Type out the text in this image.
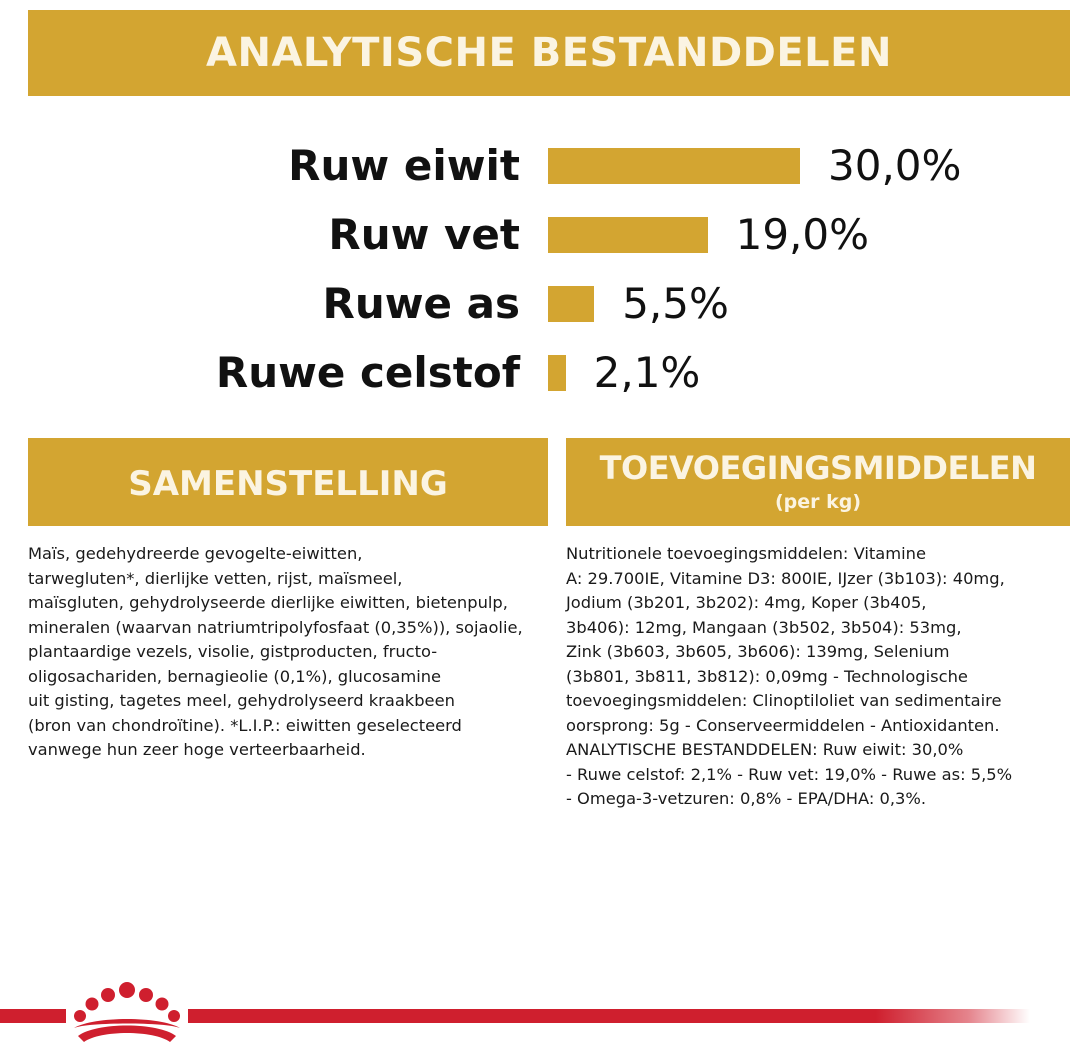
ANALYTISCHE BESTANDDELEN
Ruw eiwit	30,0%
Ruw vet	19,0%
Ruwe as 5,5%
Ruwe celstof 2,1%
SAMENSTELLING
Maïs, gedehydreerde gevogelte-eiwitten,
tarwegluten*, dierlijke vetten, rijst, maïsmeel,
maïsgluten, gehydrolyseerde dierlijke eiwitten, bietenpulp,
mineralen (waarvan natriumtripolyfosfaat (0,35%)), sojaolie,
plantaardige vezels, visolie, gistproducten, fructo-
oligosachariden, bernagieolie (0,1%), glucosamine
uit gisting, tagetes meel, gehydrolyseerd kraakbeen
(bron van chondroïtine). *L.I.P.: eiwitten geselecteerd
vanwege hun zeer hoge verteerbaarheid.
TOEVOEGINGSMIDDELEN
(per kg)
Nutritionele toevoegingsmiddelen: Vitamine
A: 29.700IE, Vitamine D3: 800IE, IJzer (3b103): 40mg,
Jodium (3b201, 3b202): 4mg, Koper (3b405,
3b406): 12mg, Mangaan (3b502, 3b504): 53mg,
Zink (3b603, 3b605, 3b606): 139mg, Selenium
(3b801, 3b811, 3b812): 0,09mg - Technologische
toevoegingsmiddelen: Clinoptiloliet van sedimentaire
oorsprong: 5g - Conserveermiddelen - Antioxidanten.
ANALYTISCHE BESTANDDELEN: Ruw eiwit: 30,0%
- Ruwe celstof: 2,1% - Ruw vet: 19,0% - Ruwe as: 5,5%
- Omega-3-vetzuren: 0,8% - EPA/DHA: 0,3%.
